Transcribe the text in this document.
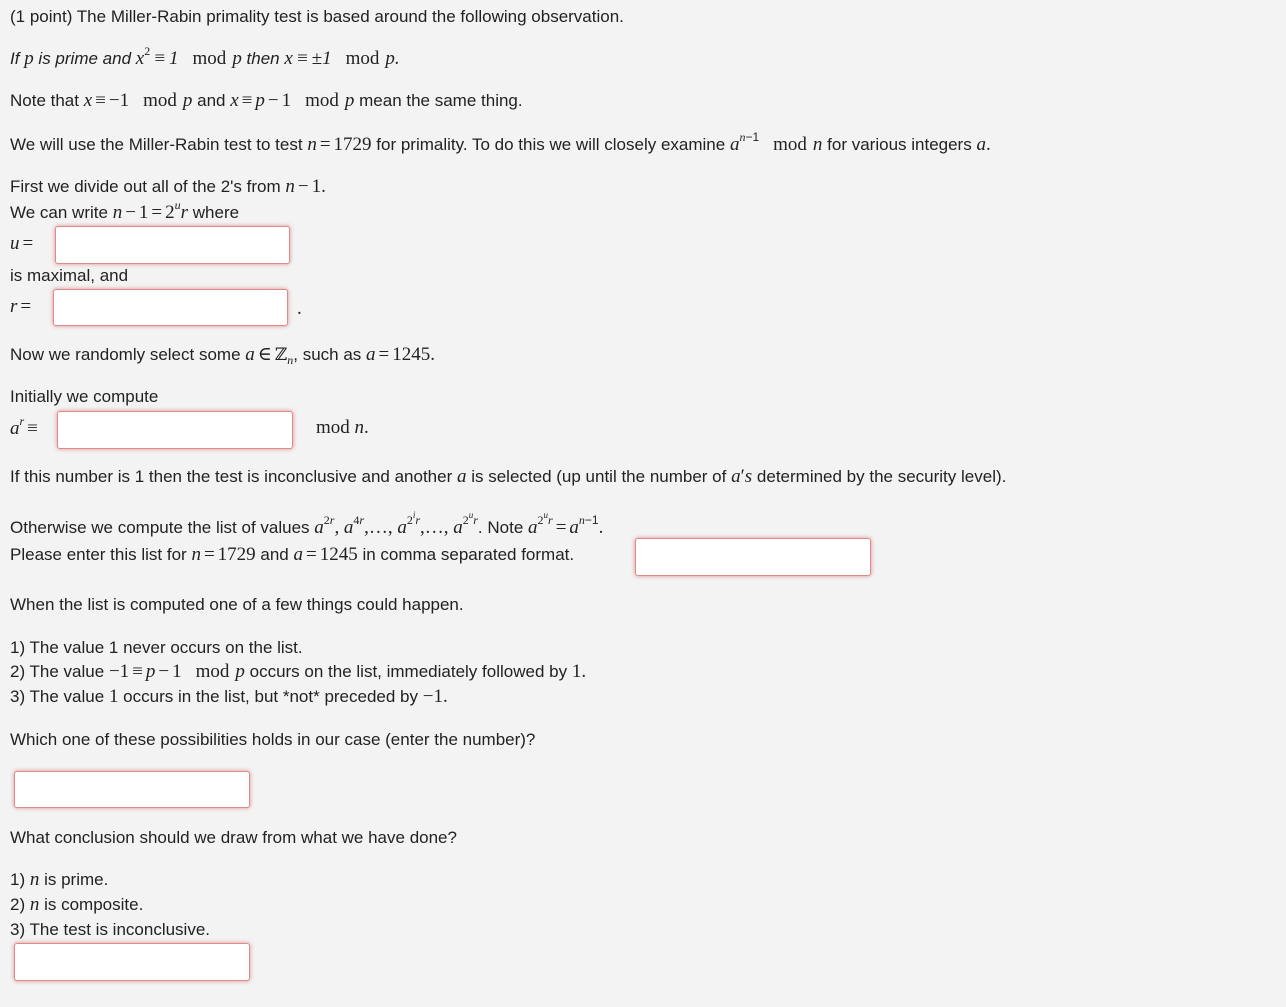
(1 point) The Miller-Rabin primality test is based around the following observation.
If p is prime and $x^2 \equiv 1$ mod p then x ≡ ±1 mod p.
Note that x ≡ −1 mod p and x ≡ p − 1 mod p mean the same thing.
We will use the Miller-Rabin test to test n = 1729 for primality. To do this we will closely examine $a^{n-1}$ mod n for various integers a.
First we divide out all of the 2's from n − 1.
We can write $n - 1 = 2^ur$ where
u =
is maximal, and
r =	.
Now we randomly select some a ∈ ℤ$_n$, such as a = 1245.
Initially we compute
$a^r$ ≡	mod n.
If this number is 1 then the test is inconclusive and another a is selected (up until the number of a′s determined by the security level).
Otherwise we compute the list of values $a^{2r}$, $a^{4r},\dots$, $a^{2^ir},\dots$, $a^{2^ur}$. Note $a^{2^ur} = a^{n-1}$.
Please enter this list for n = 1729 and a = 1245 in comma separated format.
When the list is computed one of a few things could happen.
1) The value 1 never occurs on the list.
2) The value −1 ≡ p − 1 mod p occurs on the list, immediately followed by 1.
3) The value 1 occurs in the list, but *not* preceded by −1.
Which one of these possibilities holds in our case (enter the number)?
What conclusion should we draw from what we have done?
1) n is prime.
2) n is composite.
3) The test is inconclusive.
